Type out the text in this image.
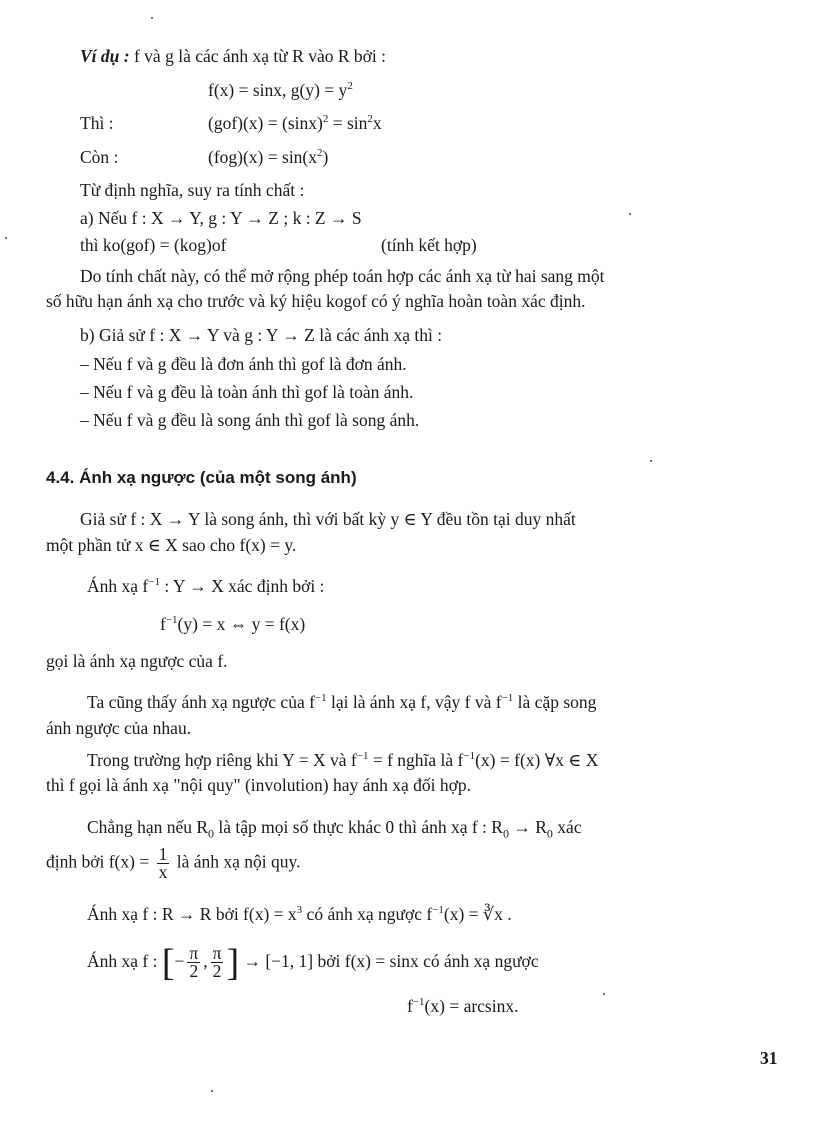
Ví dụ : f và g là các ánh xạ từ R vào R bởi :
f(x) = sinx, $g(y) = y^2$
Thì :	$(gof)(x) = (\sin x)^2 = \sin^2x$
Còn :	$(fog)(x) = \sin(x^2)$
Từ định nghĩa, suy ra tính chất :
a) Nếu f : X → Y, g : Y → Z ; k : Z → S
thì ko(gof) = (kog)of	(tính kết hợp)
Do tính chất này, có thể mở rộng phép toán hợp các ánh xạ từ hai sang một
số hữu hạn ánh xạ cho trước và ký hiệu kogof có ý nghĩa hoàn toàn xác định.
b) Giả sử f : X → Y và g : Y → Z là các ánh xạ thì :
– Nếu f và g đều là đơn ánh thì gof là đơn ánh.
– Nếu f và g đều là toàn ánh thì gof là toàn ánh.
– Nếu f và g đều là song ánh thì gof là song ánh.
4.4. Ánh xạ ngược (của một song ánh)
Giả sử f : X → Y là song ánh, thì với bất kỳ y ∈ Y đều tồn tại duy nhất
một phần tử x ∈ X sao cho f(x) = y.
Ánh xạ $f^{-1}$ : Y → X xác định bởi :
$f^{-1}(y) = x$ ⇔ y = f(x)
gọi là ánh xạ ngược của f.
Ta cũng thấy ánh xạ ngược của $f^{-1}$ lại là ánh xạ f, vậy f và $f^{-1}$ là cặp song
ánh ngược của nhau.
Trong trường hợp riêng khi Y = X và $f^{-1} = f$ nghĩa là $f^{-1}(x) = f(x)$ ∀x ∈ X
thì f gọi là ánh xạ "nội quy" (involution) hay ánh xạ đối hợp.
Chẳng hạn nếu $R_0$ là tập mọi số thực khác 0 thì ánh xạ f : $R_0 \to R_0$ xác
định bởi $f(x) = \frac{1}{x}$ là ánh xạ nội quy.
Ánh xạ f : R → R bởi $f(x) = x^3$ có ánh xạ ngược $f^{-1}(x)$ = ∛x .
Ánh xạ f : [− $\frac{\pi}{2}$ , $\frac{\pi}{2}$ ] → [−1, 1] bởi f(x) = sinx có ánh xạ ngược
$f^{-1}(x) = \arcsin x$.
31
